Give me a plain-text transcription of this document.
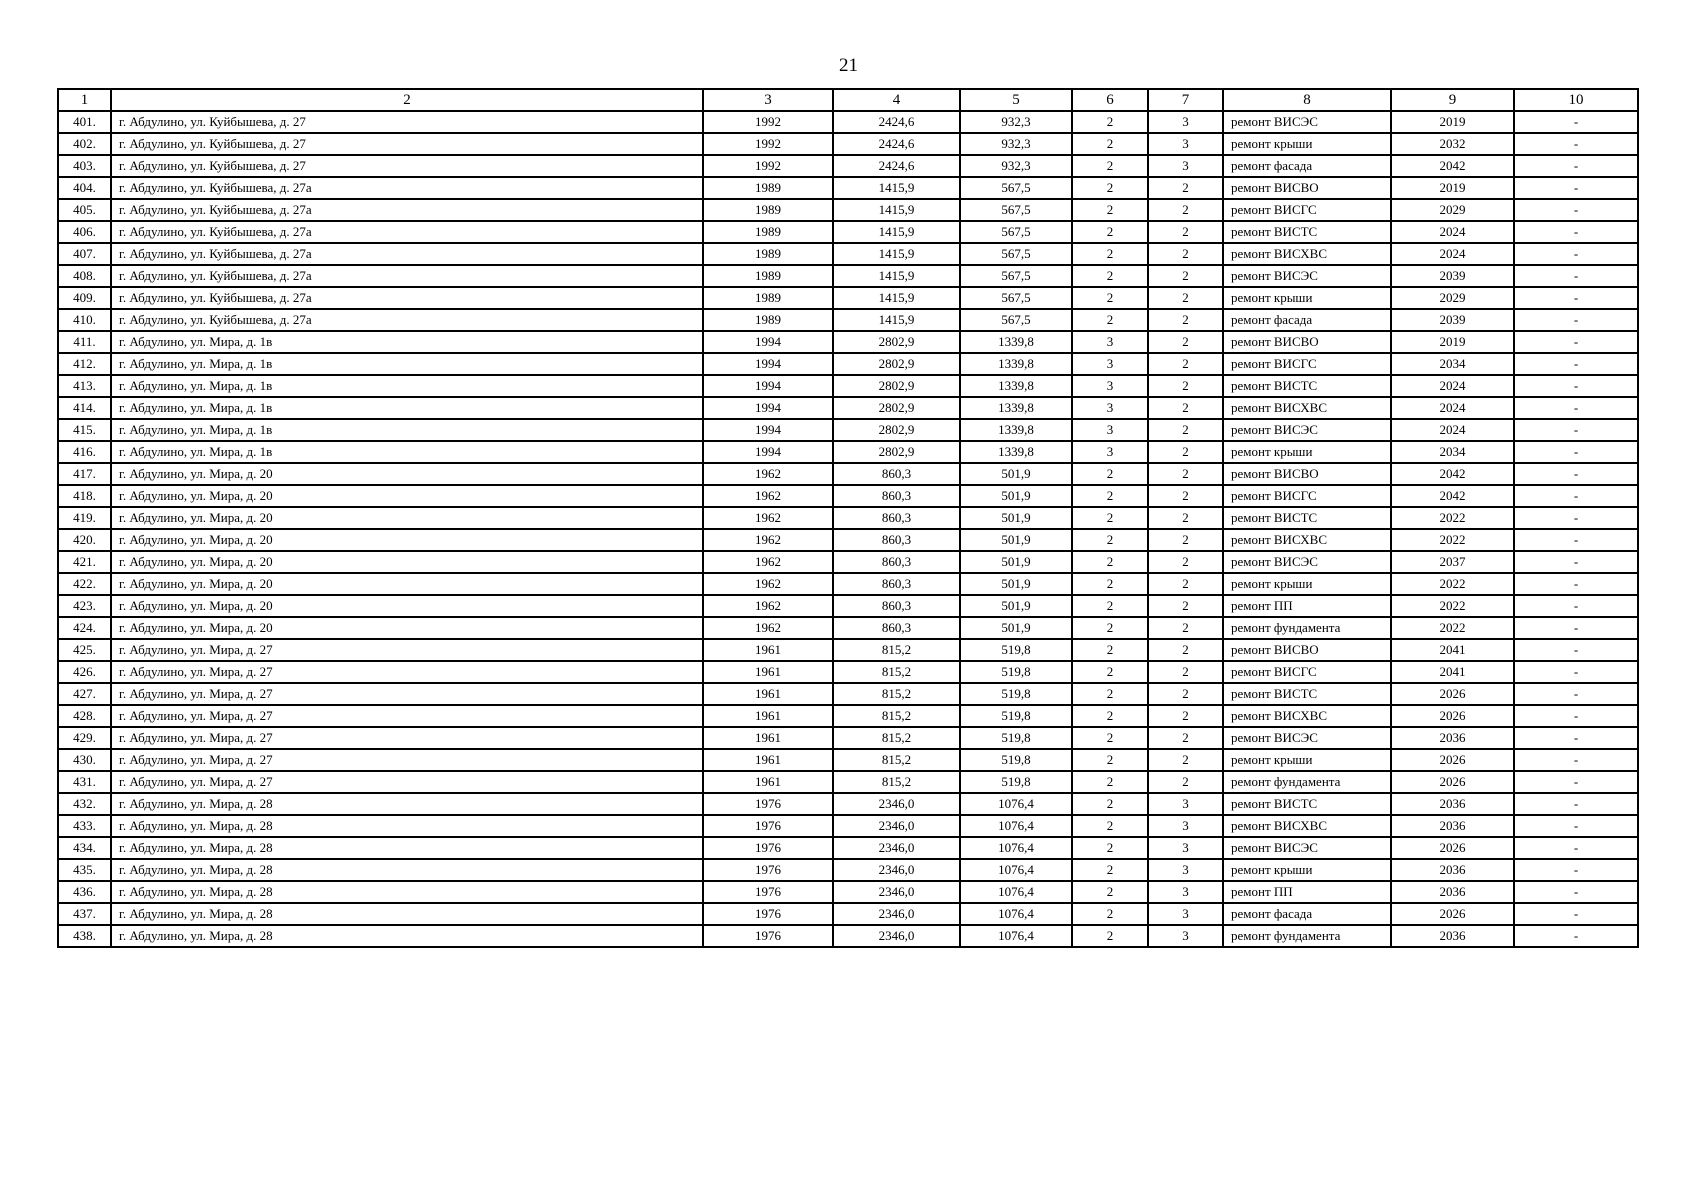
21
1	2	3	4	5	6	7	8	9	10
401.	г. Абдулино, ул. Куйбышева, д. 27	1992	2424,6	932,3	2	3	ремонт ВИСЭС	2019	-
402.	г. Абдулино, ул. Куйбышева, д. 27	1992	2424,6	932,3	2	3	ремонт крыши	2032	-
403.	г. Абдулино, ул. Куйбышева, д. 27	1992	2424,6	932,3	2	3	ремонт фасада	2042	-
404.	г. Абдулино, ул. Куйбышева, д. 27а	1989	1415,9	567,5	2	2	ремонт ВИСВО	2019	-
405.	г. Абдулино, ул. Куйбышева, д. 27а	1989	1415,9	567,5	2	2	ремонт ВИСГС	2029	-
406.	г. Абдулино, ул. Куйбышева, д. 27а	1989	1415,9	567,5	2	2	ремонт ВИСТС	2024	-
407.	г. Абдулино, ул. Куйбышева, д. 27а	1989	1415,9	567,5	2	2	ремонт ВИСХВС	2024	-
408.	г. Абдулино, ул. Куйбышева, д. 27а	1989	1415,9	567,5	2	2	ремонт ВИСЭС	2039	-
409.	г. Абдулино, ул. Куйбышева, д. 27а	1989	1415,9	567,5	2	2	ремонт крыши	2029	-
410.	г. Абдулино, ул. Куйбышева, д. 27а	1989	1415,9	567,5	2	2	ремонт фасада	2039	-
411.	г. Абдулино, ул. Мира, д. 1в	1994	2802,9	1339,8	3	2	ремонт ВИСВО	2019	-
412.	г. Абдулино, ул. Мира, д. 1в	1994	2802,9	1339,8	3	2	ремонт ВИСГС	2034	-
413.	г. Абдулино, ул. Мира, д. 1в	1994	2802,9	1339,8	3	2	ремонт ВИСТС	2024	-
414.	г. Абдулино, ул. Мира, д. 1в	1994	2802,9	1339,8	3	2	ремонт ВИСХВС	2024	-
415.	г. Абдулино, ул. Мира, д. 1в	1994	2802,9	1339,8	3	2	ремонт ВИСЭС	2024	-
416.	г. Абдулино, ул. Мира, д. 1в	1994	2802,9	1339,8	3	2	ремонт крыши	2034	-
417.	г. Абдулино, ул. Мира, д. 20	1962	860,3	501,9	2	2	ремонт ВИСВО	2042	-
418.	г. Абдулино, ул. Мира, д. 20	1962	860,3	501,9	2	2	ремонт ВИСГС	2042	-
419.	г. Абдулино, ул. Мира, д. 20	1962	860,3	501,9	2	2	ремонт ВИСТС	2022	-
420.	г. Абдулино, ул. Мира, д. 20	1962	860,3	501,9	2	2	ремонт ВИСХВС	2022	-
421.	г. Абдулино, ул. Мира, д. 20	1962	860,3	501,9	2	2	ремонт ВИСЭС	2037	-
422.	г. Абдулино, ул. Мира, д. 20	1962	860,3	501,9	2	2	ремонт крыши	2022	-
423.	г. Абдулино, ул. Мира, д. 20	1962	860,3	501,9	2	2	ремонт ПП	2022	-
424.	г. Абдулино, ул. Мира, д. 20	1962	860,3	501,9	2	2	ремонт фундамента	2022	-
425.	г. Абдулино, ул. Мира, д. 27	1961	815,2	519,8	2	2	ремонт ВИСВО	2041	-
426.	г. Абдулино, ул. Мира, д. 27	1961	815,2	519,8	2	2	ремонт ВИСГС	2041	-
427.	г. Абдулино, ул. Мира, д. 27	1961	815,2	519,8	2	2	ремонт ВИСТС	2026	-
428.	г. Абдулино, ул. Мира, д. 27	1961	815,2	519,8	2	2	ремонт ВИСХВС	2026	-
429.	г. Абдулино, ул. Мира, д. 27	1961	815,2	519,8	2	2	ремонт ВИСЭС	2036	-
430.	г. Абдулино, ул. Мира, д. 27	1961	815,2	519,8	2	2	ремонт крыши	2026	-
431.	г. Абдулино, ул. Мира, д. 27	1961	815,2	519,8	2	2	ремонт фундамента	2026	-
432.	г. Абдулино, ул. Мира, д. 28	1976	2346,0	1076,4	2	3	ремонт ВИСТС	2036	-
433.	г. Абдулино, ул. Мира, д. 28	1976	2346,0	1076,4	2	3	ремонт ВИСХВС	2036	-
434.	г. Абдулино, ул. Мира, д. 28	1976	2346,0	1076,4	2	3	ремонт ВИСЭС	2026	-
435.	г. Абдулино, ул. Мира, д. 28	1976	2346,0	1076,4	2	3	ремонт крыши	2036	-
436.	г. Абдулино, ул. Мира, д. 28	1976	2346,0	1076,4	2	3	ремонт ПП	2036	-
437.	г. Абдулино, ул. Мира, д. 28	1976	2346,0	1076,4	2	3	ремонт фасада	2026	-
438.	г. Абдулино, ул. Мира, д. 28	1976	2346,0	1076,4	2	3	ремонт фундамента	2036	-
